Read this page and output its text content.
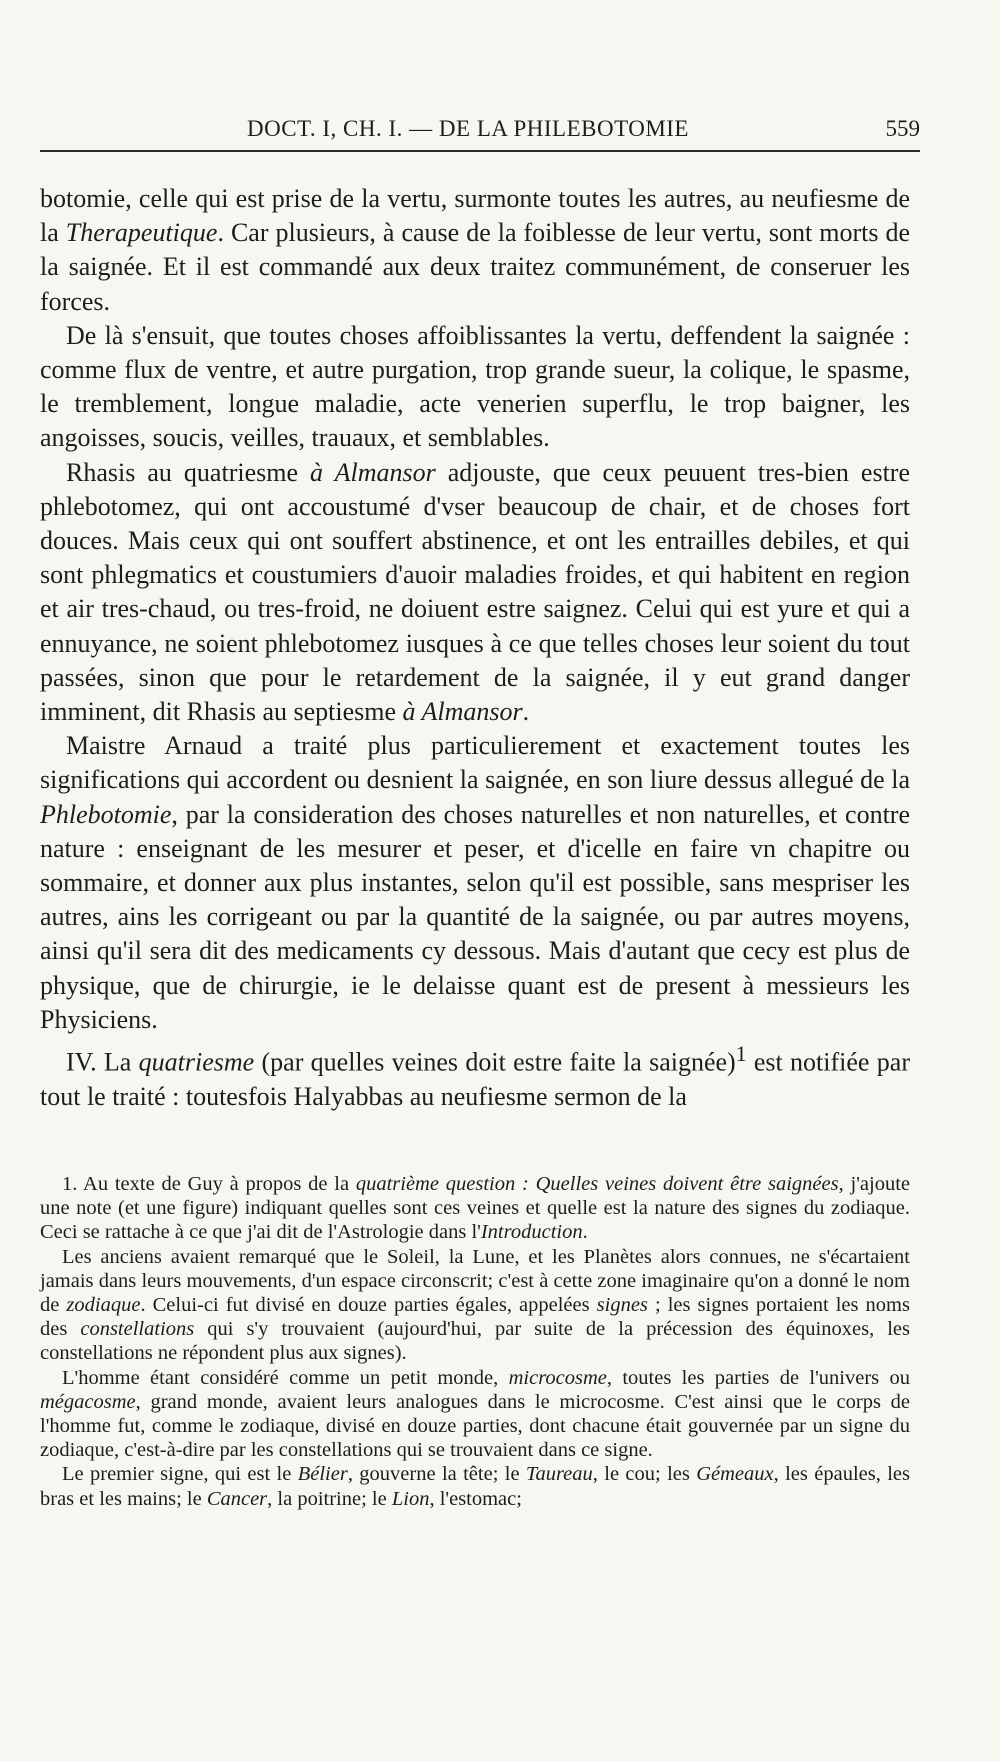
DOCT. I, CH. I. — DE LA PHILEBOTOMIE	559

botomie, celle qui est prise de la vertu, surmonte toutes les autres, au neufiesme de la Therapeutique. Car plusieurs, à cause de la foiblesse de leur vertu, sont morts de la saignée. Et il est commandé aux deux traitez communément, de conseruer les forces.

De là s'ensuit, que toutes choses affoiblissantes la vertu, deffendent la saignée : comme flux de ventre, et autre purgation, trop grande sueur, la colique, le spasme, le tremblement, longue maladie, acte venerien superflu, le trop baigner, les angoisses, soucis, veilles, trauaux, et semblables.

Rhasis au quatriesme à Almansor adjouste, que ceux peuuent tres-bien estre phlebotomez, qui ont accoustumé d'vser beaucoup de chair, et de choses fort douces. Mais ceux qui ont souffert abstinence, et ont les entrailles debiles, et qui sont phlegmatics et coustumiers d'auoir maladies froides, et qui habitent en region et air tres-chaud, ou tres-froid, ne doiuent estre saignez. Celui qui est yure et qui a ennuyance, ne soient phlebotomez iusques à ce que telles choses leur soient du tout passées, sinon que pour le retardement de la saignée, il y eut grand danger imminent, dit Rhasis au septiesme à Almansor.

Maistre Arnaud a traité plus particulierement et exactement toutes les significations qui accordent ou desnient la saignée, en son liure dessus allegué de la Phlebotomie, par la consideration des choses naturelles et non naturelles, et contre nature : enseignant de les mesurer et peser, et d'icelle en faire vn chapitre ou sommaire, et donner aux plus instantes, selon qu'il est possible, sans mespriser les autres, ains les corrigeant ou par la quantité de la saignée, ou par autres moyens, ainsi qu'il sera dit des medicaments cy dessous. Mais d'autant que cecy est plus de physique, que de chirurgie, ie le delaisse quant est de present à messieurs les Physiciens.

IV. La quatriesme (par quelles veines doit estre faite la saignée)$^1$ est notifiée par tout le traité : toutesfois Halyabbas au neufiesme sermon de la

1. Au texte de Guy à propos de la quatrième question : Quelles veines doivent être saignées, j'ajoute une note (et une figure) indiquant quelles sont ces veines et quelle est la nature des signes du zodiaque. Ceci se rattache à ce que j'ai dit de l'Astrologie dans l'Introduction.

Les anciens avaient remarqué que le Soleil, la Lune, et les Planètes alors connues, ne s'écartaient jamais dans leurs mouvements, d'un espace circonscrit; c'est à cette zone imaginaire qu'on a donné le nom de zodiaque. Celui-ci fut divisé en douze parties égales, appelées signes ; les signes portaient les noms des constellations qui s'y trouvaient (aujourd'hui, par suite de la précession des équinoxes, les constellations ne répondent plus aux signes).

L'homme étant considéré comme un petit monde, microcosme, toutes les parties de l'univers ou mégacosme, grand monde, avaient leurs analogues dans le microcosme. C'est ainsi que le corps de l'homme fut, comme le zodiaque, divisé en douze parties, dont chacune était gouvernée par un signe du zodiaque, c'est-à-dire par les constellations qui se trouvaient dans ce signe.

Le premier signe, qui est le Bélier, gouverne la tête; le Taureau, le cou; les Gémeaux, les épaules, les bras et les mains; le Cancer, la poitrine; le Lion, l'estomac;
